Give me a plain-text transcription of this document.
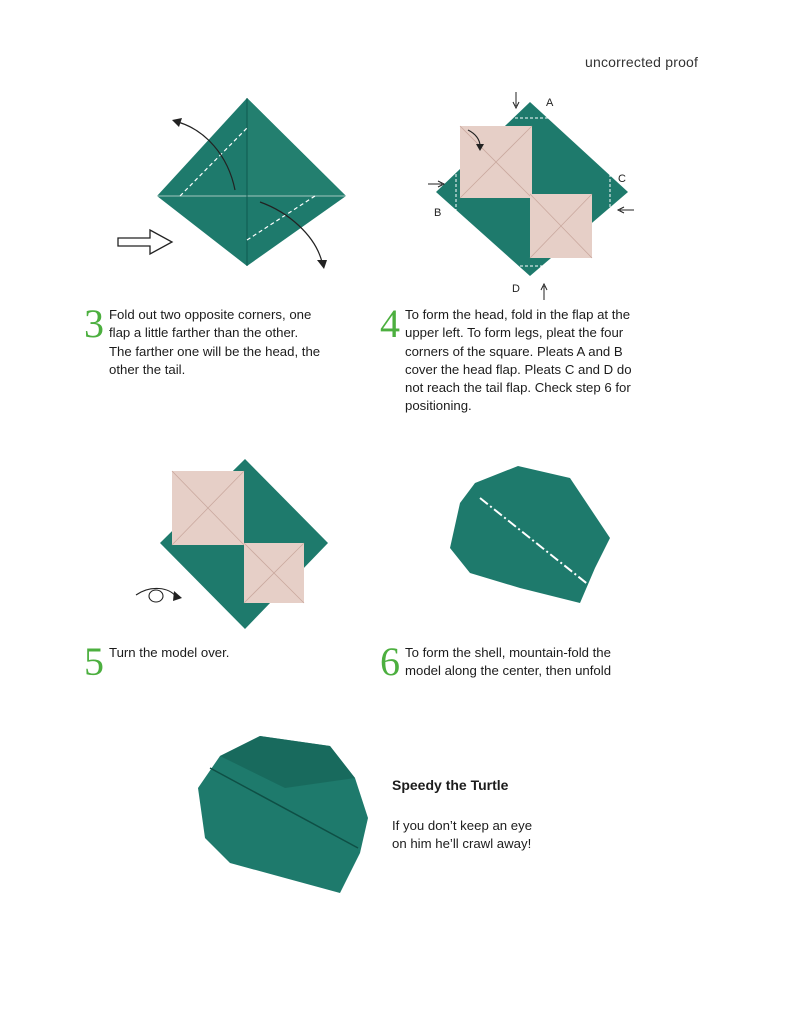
uncorrected proof
3 Fold out two opposite corners, one
flap a little farther than the other.
The farther one will be the head, the
other the tail.
A
B
C
D
4 To form the head, fold in the flap at the
upper left. To form legs, pleat the four
corners of the square. Pleats A and B
cover the head flap. Pleats C and D do
not reach the tail flap. Check step 6 for
positioning.
5 Turn the model over.	6 To form the shell, mountain-fold the
model along the center, then unfold
Speedy the Turtle
If you don’t keep an eye
on him he’ll crawl away!
